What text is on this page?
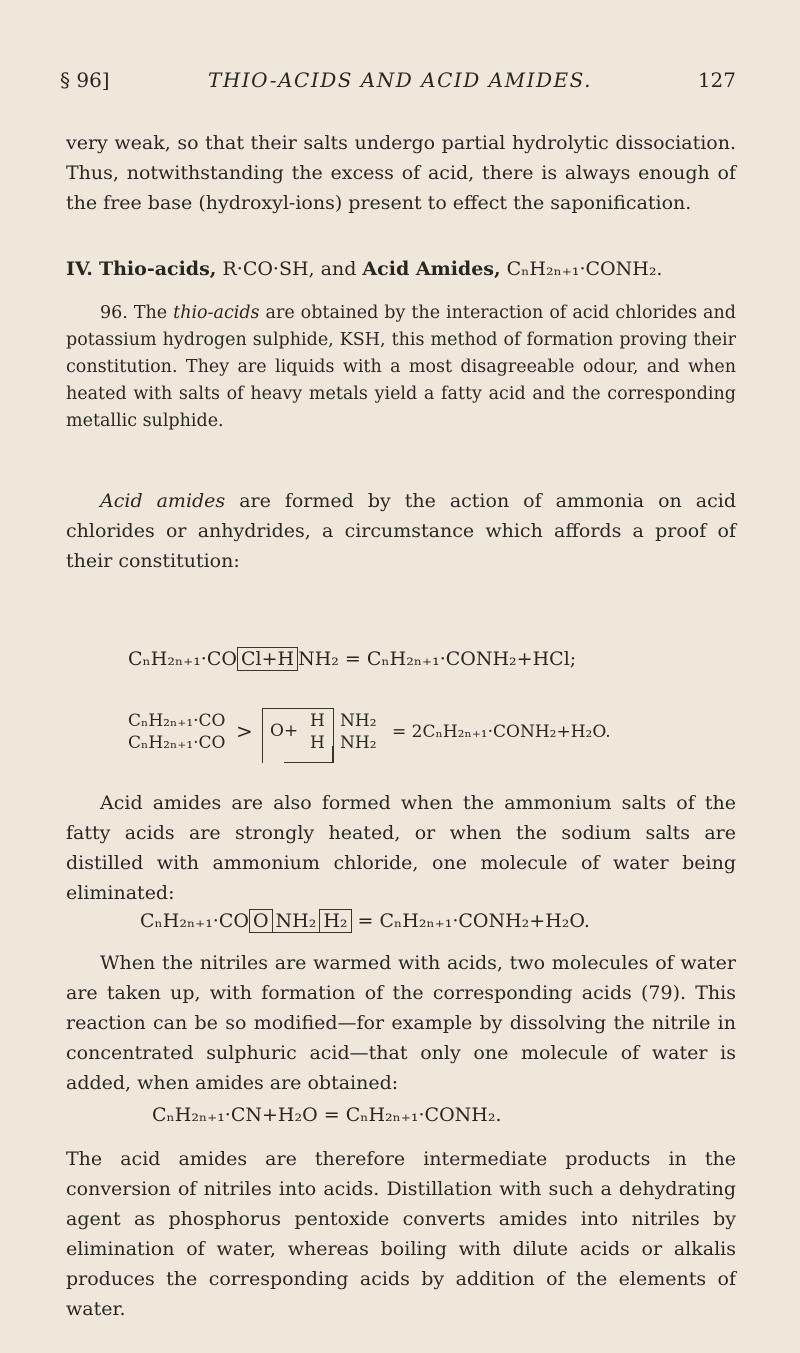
§ 96]	THIO-ACIDS AND ACID AMIDES.	127

very weak, so that their salts undergo partial hydrolytic dissociation. Thus, notwithstanding the excess of acid, there is always enough of the free base (hydroxyl-ions) present to effect the saponification.

IV. Thio-acids, R·CO·SH, and Acid Amides, CₙH₂ₙ₊₁·CONH₂.

96. The thio-acids are obtained by the interaction of acid chlorides and potassium hydrogen sulphide, KSH, this method of formation proving their constitution. They are liquids with a most disagreeable odour, and when heated with salts of heavy metals yield a fatty acid and the corresponding metallic sulphide.

Acid amides are formed by the action of ammonia on acid chlorides or anhydrides, a circumstance which affords a proof of their constitution:

CₙH₂ₙ₊₁·CO Cl+H NH₂ = CₙH₂ₙ₊₁·CONH₂+HCl;
CₙH₂ₙ₊₁·CO
CₙH₂ₙ₊₁·CO > O+ H
H
NH₂
NH₂
= 2CₙH₂ₙ₊₁·CONH₂+H₂O.

Acid amides are also formed when the ammonium salts of the fatty acids are strongly heated, or when the sodium salts are distilled with ammonium chloride, one molecule of water being eliminated:

CₙH₂ₙ₊₁·CO O NH₂ H₂ = CₙH₂ₙ₊₁·CONH₂+H₂O.

When the nitriles are warmed with acids, two molecules of water are taken up, with formation of the corresponding acids (79). This reaction can be so modified—for example by dissolving the nitrile in concentrated sulphuric acid—that only one molecule of water is added, when amides are obtained:

CₙH₂ₙ₊₁·CN+H₂O = CₙH₂ₙ₊₁·CONH₂.

The acid amides are therefore intermediate products in the conversion of nitriles into acids. Distillation with such a dehydrating agent as phosphorus pentoxide converts amides into nitriles by elimination of water, whereas boiling with dilute acids or alkalis produces the corresponding acids by addition of the elements of water.
